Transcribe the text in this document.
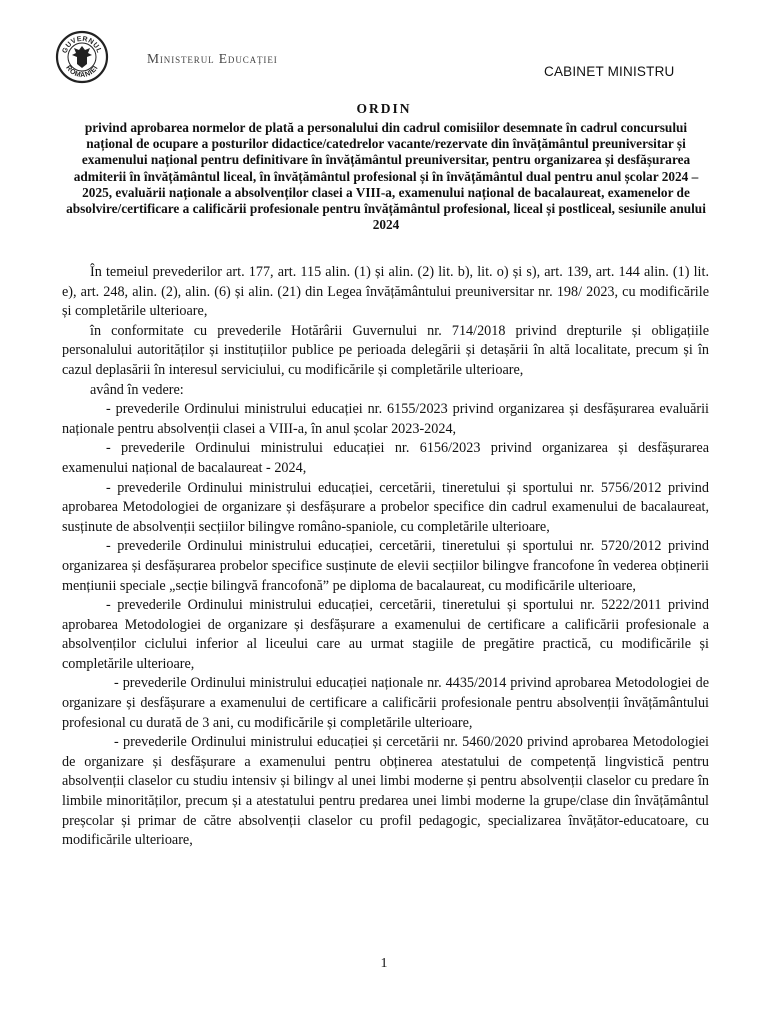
GUVERNUL
ROMÂNIEI
Ministerul Educației
CABINET MINISTRU
ORDIN
privind aprobarea normelor de plată a personalului din cadrul comisiilor desemnate în cadrul concursului național de ocupare a posturilor didactice/catedrelor vacante/rezervate din învățământul preuniversitar și examenului național pentru definitivare în învățământul preuniversitar, pentru organizarea și desfășurarea admiterii în învățământul liceal, în învățământul profesional și în învățământul dual pentru anul școlar 2024 – 2025, evaluării naționale a absolvenților clasei a VIII-a, examenului național de bacalaureat, examenelor de absolvire/certificare a calificării profesionale pentru învățământul profesional, liceal și postliceal, sesiunile anului 2024

În temeiul prevederilor art. 177, art. 115 alin. (1) și alin. (2) lit. b), lit. o) și s), art. 139, art. 144 alin. (1) lit. e), art. 248, alin. (2), alin. (6) și alin. (21) din Legea învățământului preuniversitar nr. 198/ 2023, cu modificările și completările ulterioare,

în conformitate cu prevederile Hotărârii Guvernului nr. 714/2018 privind drepturile și obligațiile personalului autorităților și instituțiilor publice pe perioada delegării și detașării în altă localitate, precum și în cazul deplasării în interesul serviciului, cu modificările și completările ulterioare,

având în vedere:

- prevederile Ordinului ministrului educației nr. 6155/2023 privind organizarea și desfășurarea evaluării naționale pentru absolvenții clasei a VIII-a, în anul școlar 2023-2024,

- prevederile Ordinului ministrului educației nr. 6156/2023 privind organizarea și desfășurarea examenului național de bacalaureat - 2024,

- prevederile Ordinului ministrului educației, cercetării, tineretului și sportului nr. 5756/2012 privind aprobarea Metodologiei de organizare și desfășurare a probelor specifice din cadrul examenului de bacalaureat, susținute de absolvenții secțiilor bilingve româno-spaniole, cu completările ulterioare,

- prevederile Ordinului ministrului educației, cercetării, tineretului și sportului nr. 5720/2012 privind organizarea și desfășurarea probelor specifice susținute de elevii secțiilor bilingve francofone în vederea obținerii mențiunii speciale „secție bilingvă francofonă” pe diploma de bacalaureat, cu modificările ulterioare,

- prevederile Ordinului ministrului educației, cercetării, tineretului și sportului nr. 5222/2011 privind aprobarea Metodologiei de organizare și desfășurare a examenului de certificare a calificării profesionale a absolvenților ciclului inferior al liceului care au urmat stagiile de pregătire practică, cu modificările și completările ulterioare,

- prevederile Ordinului ministrului educației naționale nr. 4435/2014 privind aprobarea Metodologiei de organizare și desfășurare a examenului de certificare a calificării profesionale pentru absolvenții învățământului profesional cu durată de 3 ani, cu modificările și completările ulterioare,

- prevederile Ordinului ministrului educației și cercetării nr. 5460/2020 privind aprobarea Metodologiei de organizare și desfășurare a examenului pentru obținerea atestatului de competență lingvistică pentru absolvenții claselor cu studiu intensiv și bilingv al unei limbi moderne și pentru absolvenții claselor cu predare în limbile minorităților, precum și a atestatului pentru predarea unei limbi moderne la grupe/clase din învățământul preșcolar și primar de către absolvenții claselor cu profil pedagogic, specializarea învățător-educatoare, cu modificările ulterioare,

1
